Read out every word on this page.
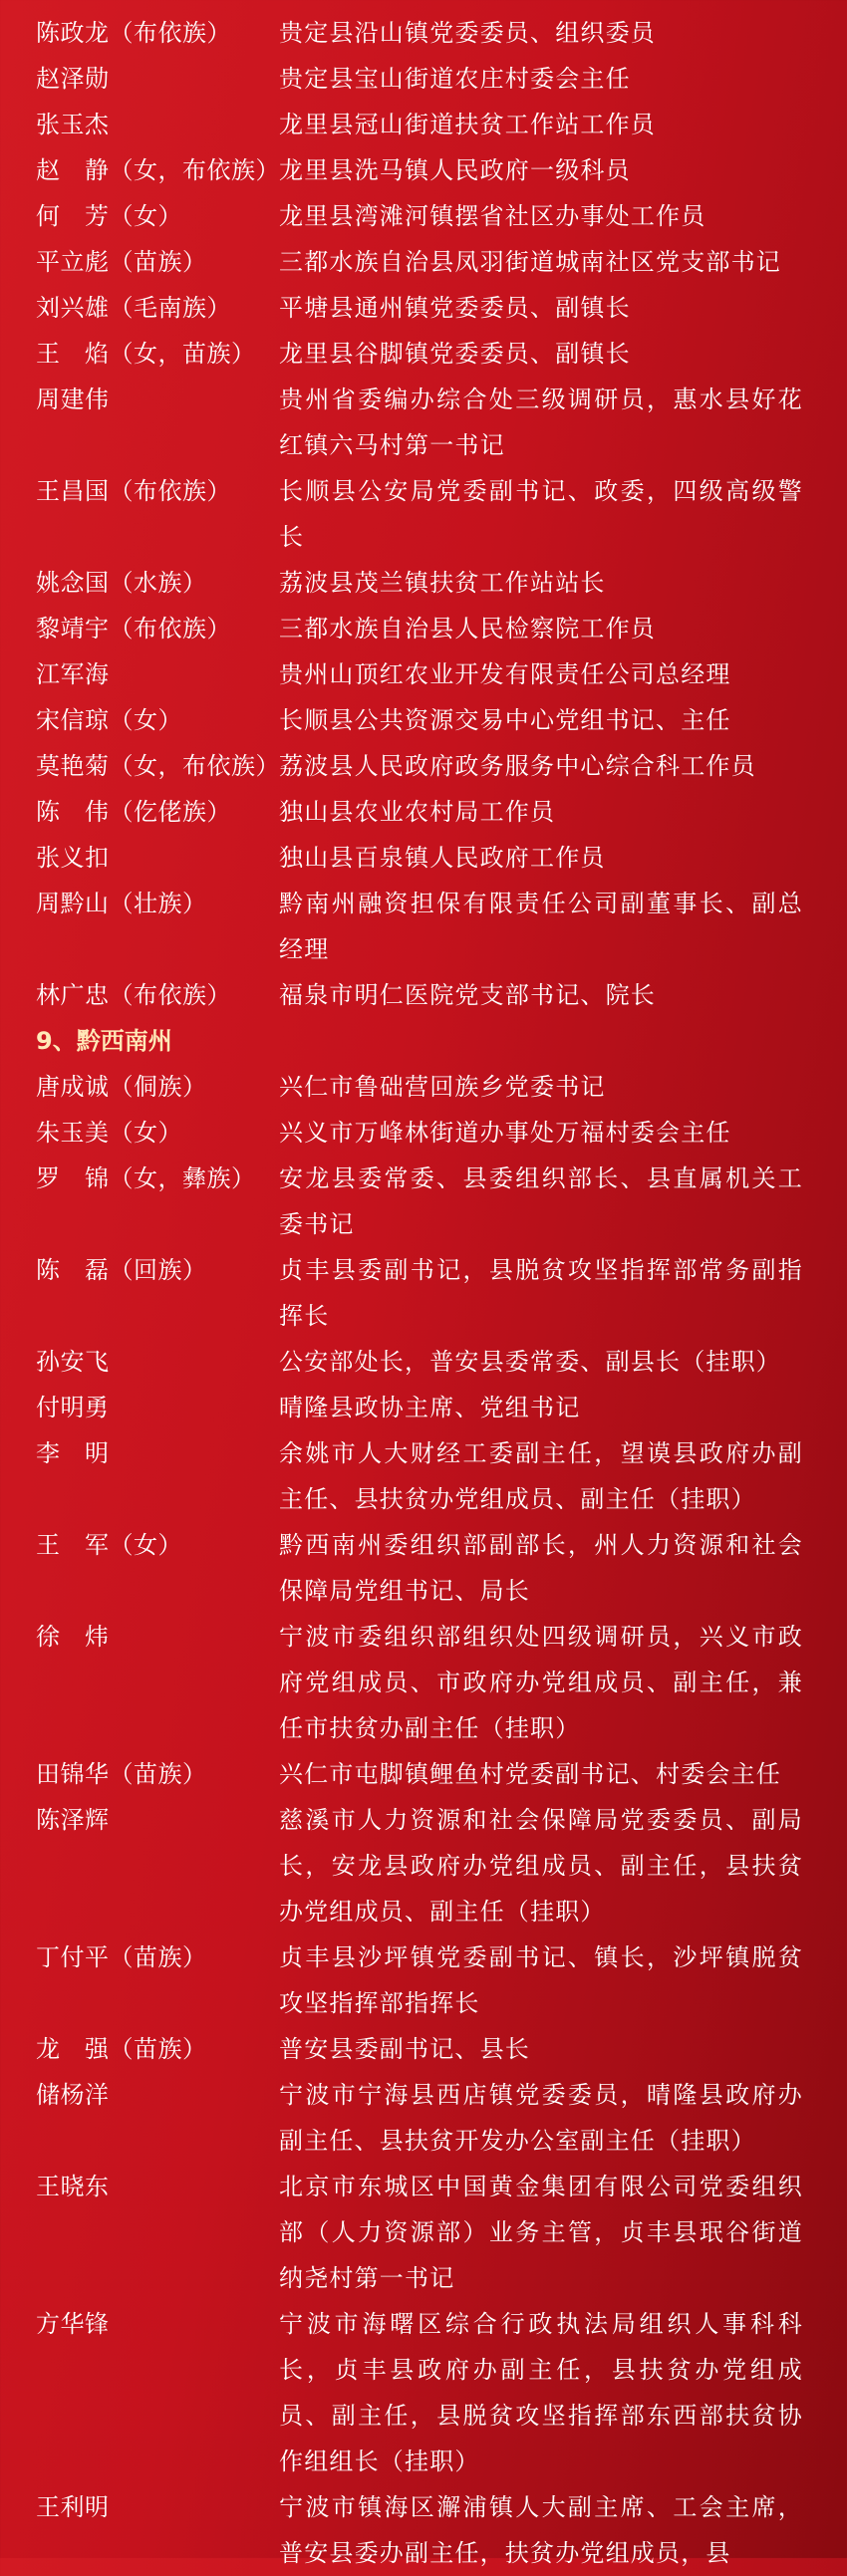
陈政龙（布依族）	贵定县沿山镇党委委员、组织委员
赵泽勋	贵定县宝山街道农庄村委会主任
张玉杰	龙里县冠山街道扶贫工作站工作员
赵　静（女，布依族） 龙里县洗马镇人民政府一级科员
何　芳（女）	龙里县湾滩河镇摆省社区办事处工作员
平立彪（苗族）	三都水族自治县凤羽街道城南社区党支部书记
刘兴雄（毛南族）	平塘县通州镇党委委员、副镇长
王　焰（女，苗族） 龙里县谷脚镇党委委员、副镇长
周建伟	贵州省委编办综合处三级调研员，惠水县好花红镇六马村第一书记
王昌国（布依族）	长顺县公安局党委副书记、政委，四级高级警长
姚念国（水族）	荔波县茂兰镇扶贫工作站站长
黎靖宇（布依族）	三都水族自治县人民检察院工作员
江军海	贵州山顶红农业开发有限责任公司总经理
宋信琼（女）	长顺县公共资源交易中心党组书记、主任
莫艳菊（女，布依族） 荔波县人民政府政务服务中心综合科工作员
陈　伟（仡佬族）	独山县农业农村局工作员
张义扣	独山县百泉镇人民政府工作员
周黔山（壮族）	黔南州融资担保有限责任公司副董事长、副总经理
林广忠（布依族）	福泉市明仁医院党支部书记、院长
9、黔西南州
唐成诚（侗族）	兴仁市鲁础营回族乡党委书记
朱玉美（女）	兴义市万峰林街道办事处万福村委会主任
罗　锦（女，彝族） 安龙县委常委、县委组织部长、县直属机关工委书记
陈　磊（回族）	贞丰县委副书记，县脱贫攻坚指挥部常务副指挥长
孙安飞	公安部处长，普安县委常委、副县长（挂职）
付明勇	晴隆县政协主席、党组书记
李　明	余姚市人大财经工委副主任，望谟县政府办副主任、县扶贫办党组成员、副主任（挂职）
王　军（女）	黔西南州委组织部副部长，州人力资源和社会保障局党组书记、局长
徐　炜	宁波市委组织部组织处四级调研员，兴义市政府党组成员、市政府办党组成员、副主任，兼任市扶贫办副主任（挂职）
田锦华（苗族）	兴仁市屯脚镇鲤鱼村党委副书记、村委会主任
陈泽辉	慈溪市人力资源和社会保障局党委委员、副局长，安龙县政府办党组成员、副主任，县扶贫办党组成员、副主任（挂职）
丁付平（苗族）	贞丰县沙坪镇党委副书记、镇长，沙坪镇脱贫攻坚指挥部指挥长
龙　强（苗族）	普安县委副书记、县长
储杨洋	宁波市宁海县西店镇党委委员，晴隆县政府办副主任、县扶贫开发办公室副主任（挂职）
王晓东	北京市东城区中国黄金集团有限公司党委组织部（人力资源部）业务主管，贞丰县珉谷街道纳尧村第一书记
方华锋	宁波市海曙区综合行政执法局组织人事科科长，贞丰县政府办副主任，县扶贫办党组成员、副主任，县脱贫攻坚指挥部东西部扶贫协作组组长（挂职）
王利明	宁波市镇海区澥浦镇人大副主席、工会主席，普安县委办副主任，扶贫办党组成员，县
